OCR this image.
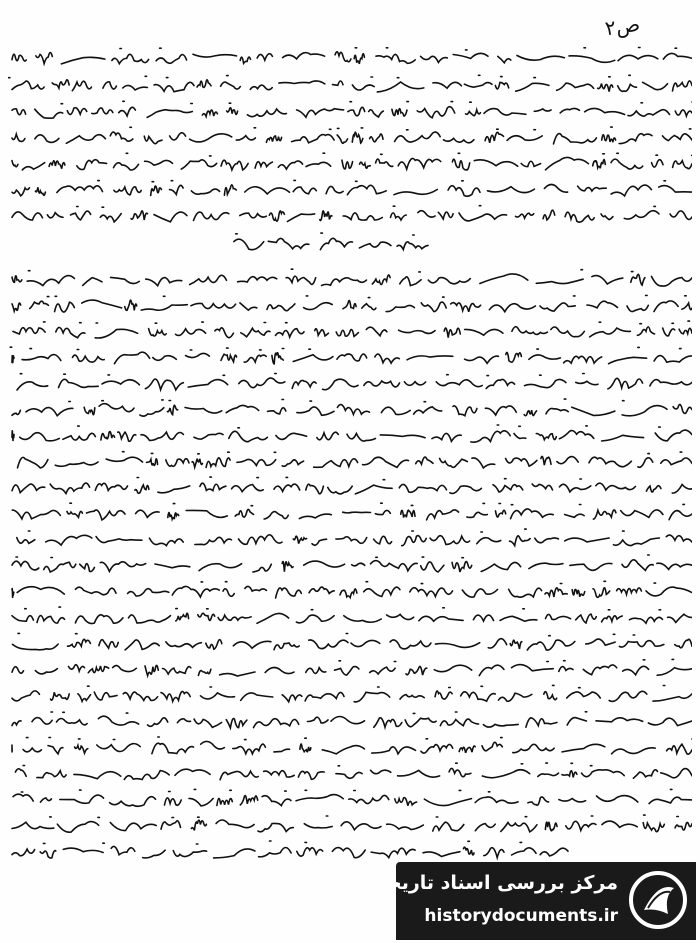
ص۲
مرکز بررسی اسناد تاریخی
historydocuments.ir
